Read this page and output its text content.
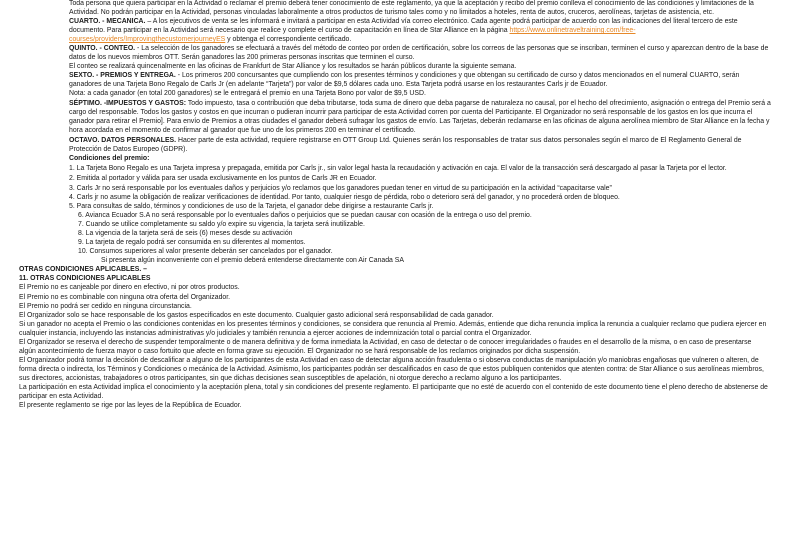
Toda persona que quiera participar en la Actividad o reclamar el premio deberá tener conocimiento de este reglamento, ya que la aceptación y recibo del premio conlleva el conocimiento de las condiciones y limitaciones de la Actividad. No podrán participar en la Actividad, personas vinculadas laboralmente a otros productos de turismo tales como y no limitados a hoteles, renta de autos, cruceros, aerolíneas, tarjetas de asistencia, etc.

CUARTO. - MECANICA. – A los ejecutivos de venta se les informará e invitará a participar en esta Actividad vía correo electrónico. Cada agente podrá participar de acuerdo con las indicaciones del literal tercero de este documento. Para participar en la Actividad será necesario que realice y complete el curso de capacitación en línea de Star Alliance en la página https://www.onlinetraveltraining.com/free-courses/providers/ImprovingthecustomerjourneyES y obtenga el correspondiente certificado.

QUINTO. - CONTEO. - La selección de los ganadores se efectuará a través del método de conteo por orden de certificación, sobre los correos de las personas que se inscriban, terminen el curso y aparezcan dentro de la base de datos de los nuevos miembros OTT. Serán ganadores las 200 primeras personas inscritas que terminen el curso.

El conteo se realizará quincenalmente en las oficinas de Frankfurt de Star Alliance y los resultados se harán públicos durante la siguiente semana.

SEXTO. - PREMIOS Y ENTREGA. - Los primeros 200 concursantes que cumpliendo con los presentes términos y condiciones y que obtengan su certificado de curso y datos mencionados en el numeral CUARTO, serán ganadores de una Tarjeta Bono Regalo de Carls Jr (en adelante “Tarjeta”) por valor de $9,5 dólares cada uno. Esta Tarjeta podrá usarse en los restaurantes Carls jr de Ecuador.

Nota: a cada ganador (en total 200 ganadores) se le entregará el premio en una Tarjeta Bono por valor de $9,5 USD.

SÉPTIMO. -IMPUESTOS Y GASTOS: Todo impuesto, tasa o contribución que deba tributarse, toda suma de dinero que deba pagarse de naturaleza no causal, por el hecho del ofrecimiento, asignación o entrega del Premio será a cargo del responsable. Todos los gastos y costos en que incurran o pudieran incurrir para participar de esta Actividad corren por cuenta del Participante. El Organizador no será responsable de los gastos en los que incurra el ganador para retirar el Premio]. Para envío de Premios a otras ciudades el ganador deberá sufragar los gastos de envío. Las Tarjetas, deberán reclamarse en las oficinas de alguna aerolínea miembro de Star Alliance en la fecha y hora acordada en el momento de confirmar al ganador que fue uno de los primeros 200 en terminar el certificado.

OCTAVO. DATOS PERSONALES. Hacer parte de esta actividad, requiere registrarse en OTT Group Ltd. Quienes serán los responsables de tratar sus datos personales según el marco de El Reglamento General de Protección de Datos Europeo (GDPR).

Condiciones del premio:

1. La Tarjeta Bono Regalo es una Tarjeta impresa y prepagada, emitida por Carls jr., sin valor legal hasta la recaudación y activación en caja. El valor de la transacción será descargado al pasar la Tarjeta por el lector.

2. Emitida al portador y válida para ser usada exclusivamente en los puntos de Carls JR en Ecuador.

3. Carls Jr no será responsable por los eventuales daños y perjuicios y/o reclamos que los ganadores puedan tener en virtud de su participación en la actividad “capacitarse vale”

4. Carls jr no asume la obligación de realizar verificaciones de identidad. Por tanto, cualquier riesgo de pérdida, robo o deterioro será del ganador, y no procederá orden de bloqueo.

5. Para consultas de saldo, términos y condiciones de uso de la Tarjeta, el ganador debe dirigirse a restaurante Carls jr.

6. Avianca Ecuador S.A no será responsable por lo eventuales daños o perjuicios que se puedan causar con ocasión de la entrega o uso del premio.

7. Cuando se utilice completamente su saldo y/o expire su vigencia, la tarjeta será inutilizable.

8. La vigencia de la tarjeta será de seis (6) meses desde su activación

9. La tarjeta de regalo podrá ser consumida en su diferentes al momentos.

10. Consumos superiores al valor presente deberán ser cancelados por el ganador.

Si presenta algún inconveniente con el premio deberá entenderse directamente con Air Canada SA

OTRAS CONDICIONES APLICABLES. –

11. OTRAS CONDICIONES APLICABLES

El Premio no es canjeable por dinero en efectivo, ni por otros productos.

El Premio no es combinable con ninguna otra oferta del Organizador.

El Premio no podrá ser cedido en ninguna circunstancia.

El Organizador solo se hace responsable de los gastos especificados en este documento. Cualquier gasto adicional será responsabilidad de cada ganador.

Si un ganador no acepta el Premio o las condiciones contenidas en los presentes términos y condiciones, se considera que renuncia al Premio. Además, entiende que dicha renuncia implica la renuncia a cualquier reclamo que pudiera ejercer en cualquier instancia, incluyendo las instancias administrativas y/o judiciales y también renuncia a ejercer acciones de indemnización total o parcial contra el Organizador.

El Organizador se reserva el derecho de suspender temporalmente o de manera definitiva y de forma inmediata la Actividad, en caso de detectar o de conocer irregularidades o fraudes en el desarrollo de la misma, o en caso de presentarse algún acontecimiento de fuerza mayor o caso fortuito que afecte en forma grave su ejecución. El Organizador no se hará responsable de los reclamos originados por dicha suspensión.

El Organizador podrá tomar la decisión de descalificar a alguno de los participantes de esta Actividad en caso de detectar alguna acción fraudulenta o si observa conductas de manipulación y/o maniobras engañosas que vulneren o alteren, de forma directa o indirecta, los Términos y Condiciones o mecánica de la Actividad. Asimismo, los participantes podrán ser descalificados en caso de que estos publiquen contenidos que atenten contra: de Star Alliance o sus aerolíneas miembros, sus directores, accionistas, trabajadores o otros participantes, sin que dichas decisiones sean susceptibles de apelación, ni otorgue derecho a reclamo alguno a los participantes.

La participación en esta Actividad implica el conocimiento y la aceptación plena, total y sin condiciones del presente reglamento. El participante que no esté de acuerdo con el contenido de este documento tiene el pleno derecho de abstenerse de participar en esta Actividad.

El presente reglamento se rige por las leyes de la República de Ecuador.
